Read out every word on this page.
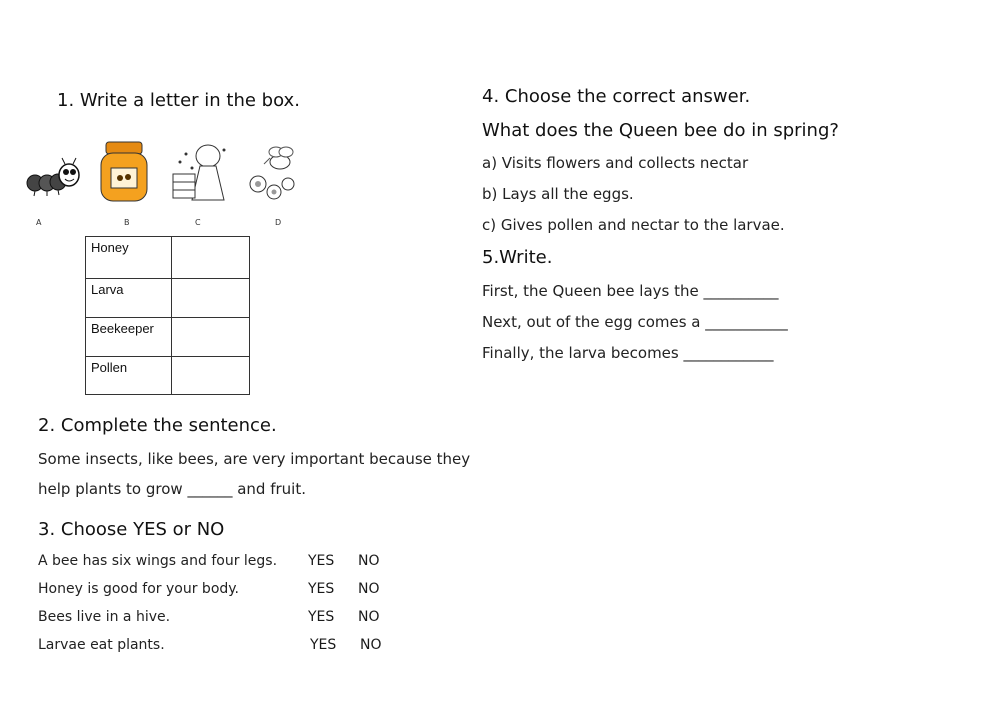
1. Write a letter in the box.
A	B	C	D
Honey	
Larva	
Beekeeper	
Pollen	
2. Complete the sentence.
Some insects, like bees, are very important because they
help plants to grow ______ and fruit.
3. Choose YES or NO
A bee has six wings and four legs. YES NO
Honey is good for your body.	YES NO
Bees live in a hive.	YES NO
Larvae eat plants.	YES NO
4. Choose the correct answer.
What does the Queen bee do in spring?
a) Visits flowers and collects nectar
b) Lays all the eggs.
c) Gives pollen and nectar to the larvae.
5.Write.
First, the Queen bee lays the __________
Next, out of the egg comes a ___________
Finally, the larva becomes ____________
